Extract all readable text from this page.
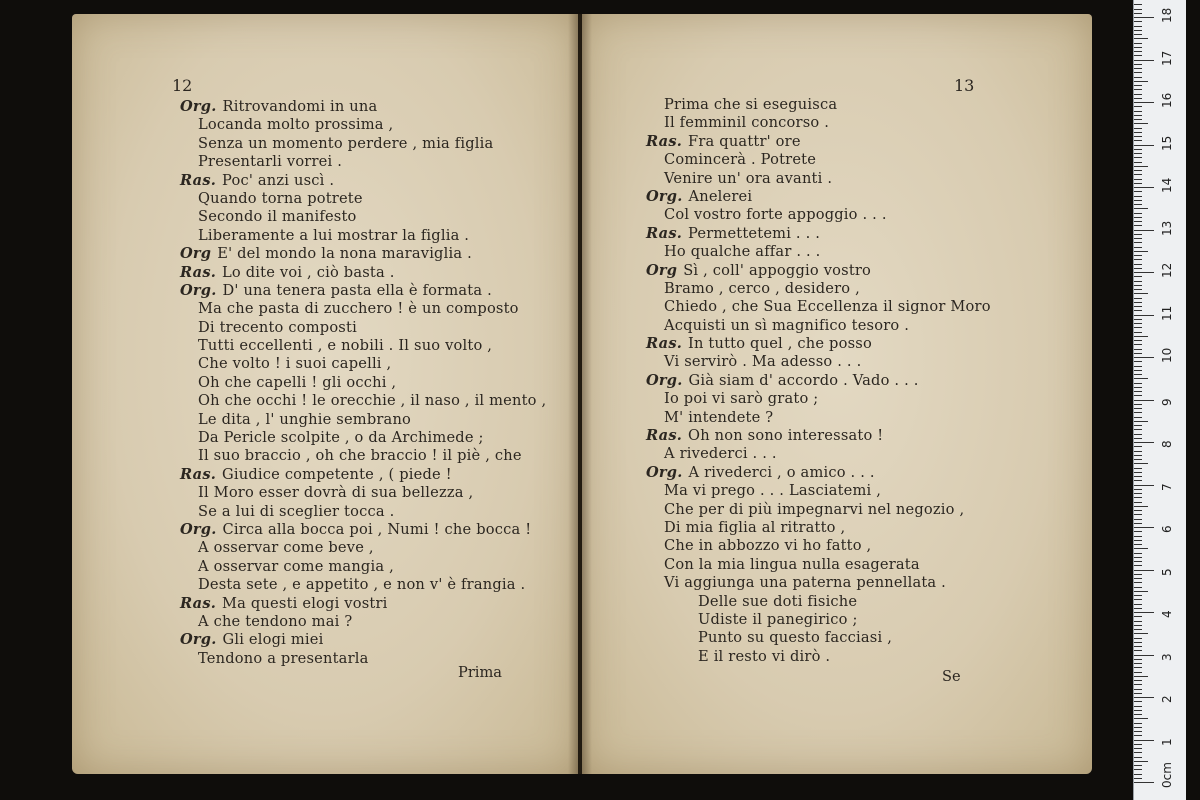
12
Org. Ritrovandomi in una
Locanda molto prossima ,
Senza un momento perdere , mia figlia
Presentarli vorrei .
Ras. Poc' anzi uscì .
Quando torna potrete
Secondo il manifesto
Liberamente a lui mostrar la figlia .
Org E' del mondo la nona maraviglia .
Ras. Lo dite voi , ciò basta .
Org. D' una tenera pasta ella è formata .
Ma che pasta di zucchero ! è un composto
Di trecento composti
Tutti eccellenti , e nobili . Il suo volto ,
Che volto ! i suoi capelli ,
Oh che capelli ! gli occhi ,
Oh che occhi ! le orecchie , il naso , il mento ,
Le dita , l' unghie sembrano
Da Pericle scolpite , o da Archimede ;
Il suo braccio , oh che braccio ! il piè , che
Ras. Giudice competente , ( piede !
Il Moro esser dovrà di sua bellezza ,
Se a lui di sceglier tocca .
Org. Circa alla bocca poi , Numi ! che bocca !
A osservar come beve ,
A osservar come mangia ,
Desta sete , e appetito , e non v' è frangia .
Ras. Ma questi elogi vostri
A che tendono mai ?
Org. Gli elogi miei
Tendono a presentarla
Prima
13
Prima che si eseguisca
Il femminil concorso .
Ras. Fra quattr' ore
Comincerà . Potrete
Venire un' ora avanti .
Org. Anelerei
Col vostro forte appoggio . . .
Ras. Permettetemi . . .
Ho qualche affar . . .
Org Sì , coll' appoggio vostro
Bramo , cerco , desidero ,
Chiedo , che Sua Eccellenza il signor Moro
Acquisti un sì magnifico tesoro .
Ras. In tutto quel , che posso
Vi servirò . Ma adesso . . .
Org. Già siam d' accordo . Vado . . .
Io poi vi sarò grato ;
M' intendete ?
Ras. Oh non sono interessato !
A rivederci . . .
Org. A rivederci , o amico . . .
Ma vi prego . . . Lasciatemi ,
Che per di più impegnarvi nel negozio ,
Di mia figlia al ritratto ,
Che in abbozzo vi ho fatto ,
Con la mia lingua nulla esagerata
Vi aggiunga una paterna pennellata .
Delle sue doti fisiche
Udiste il panegirico ;
Punto su questo facciasi ,
E il resto vi dirò .
Se
0cm
1
2
3
4
5
6
7
8
9
10
11
12
13
14
15
16
17
18
